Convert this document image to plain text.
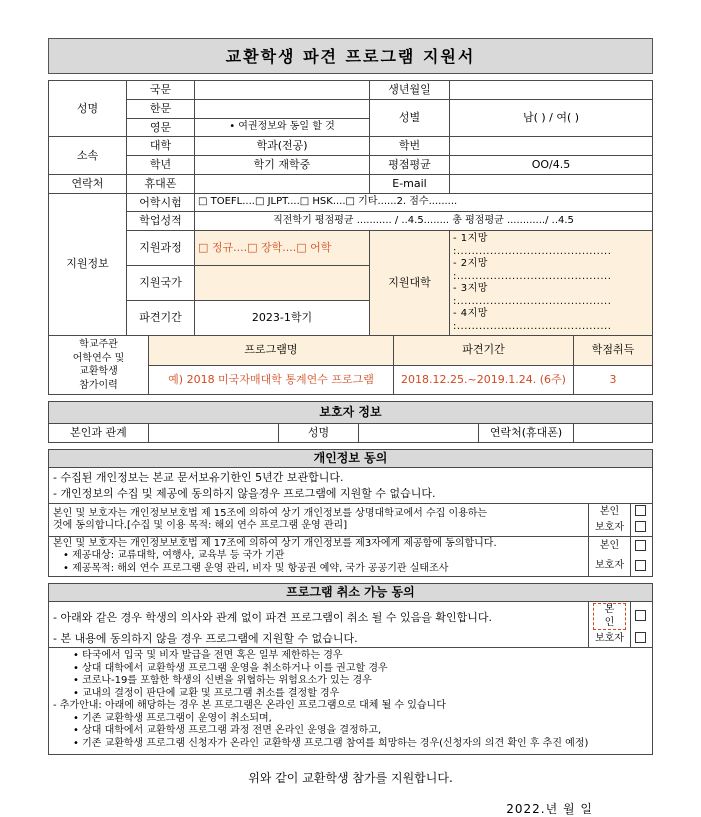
교환학생 파견 프로그램 지원서
성명	국문		생년월일	
	한문		성별	남( ) / 여( )
	영문	• 여권정보와 동일 할 것		
소속	대학	학과(전공)	학번	
	학년	학기 재학중	평점평균	OO/4.5
연락처	휴대폰		E-mail	
지원정보	어학시험	□ TOEFL....□ JLPT....□ HSK....□ 기타......2. 점수.........		
	학업성적	직전학기 평점평균 ........... / ..4.5........ 총 평점평균 ............/ ..4.5		
	지원과정	□ 정규....□ 장학....□ 어학	지원대학	- 1지망 :..........................................
- 2지망 :..........................................
- 3지망 :..........................................
- 4지망 :..........................................

	지원국가			
	파견기간	2023-1학기		
학교주관
어학연수 및
교환학생
참가이력	프로그램명	파견기간	학점취득
	예) 2018 미국자매대학 통계연수 프로그램	2018.12.25.~2019.1.24. (6주)	3
보호자 정보
본인과 관계		성명		연락처(휴대폰)	
개인정보 동의		
- 수집된 개인정보는 본교 문서보유기한인 5년간 보관합니다.		
- 개인정보의 수집 및 제공에 동의하지 않을경우 프로그램에 지원할 수 없습니다.		

본인 및 보호자는 개인정보보호법 제 15조에 의하여 상기 개인정보를 상명대학교에서 수집 이용하는
것에 동의합니다.[수집 및 이용 목적: 해외 연수 프로그램 운영 관리]	본인	
	보호자	

본인 및 보호자는 개인정보보호법 제 17조에 의하여 상기 개인정보를 제3자에게 제공함에 동의합니다.
• 제공대상: 교류대학, 여행사, 교육부 등 국가 기관
• 제공목적: 해외 연수 프로그램 운영 관리, 비자 및 항공권 예약, 국가 공공기관 실태조사	본인	
	보호자	
프로그램 취소 가능 동의		
- 아래와 같은 경우 학생의 의사와 관계 없이 파견 프로그램이 취소 될 수 있음을 확인합니다.	본인	
- 본 내용에 동의하지 않을 경우 프로그램에 지원할 수 없습니다.	보호자	

• 타국에서 입국 및 비자 발급을 전면 혹은 일부 제한하는 경우
• 상대 대학에서 교환학생 프로그램 운영을 취소하거나 이를 권고할 경우
• 코로나-19를 포함한 학생의 신변을 위협하는 위험요소가 있는 경우
• 교내의 결정이 판단에 교환 및 프로그램 취소를 결정할 경우
- 추가안내: 아래에 해당하는 경우 본 프로그램은 온라인 프로그램으로 대체 될 수 있습니다
• 기존 교환학생 프로그램이 운영이 취소되며,
• 상대 대학에서 교환학생 프로그램 과정 전면 온라인 운영을 결정하고,
• 기존 교환학생 프로그램 신청자가 온라인 교환학생 프로그램 참여를 희망하는 경우(신청자의 의견 확인 후 추진 예정)
위와 같이 교환학생 참가를 지원합니다.
2022.년 월 일
